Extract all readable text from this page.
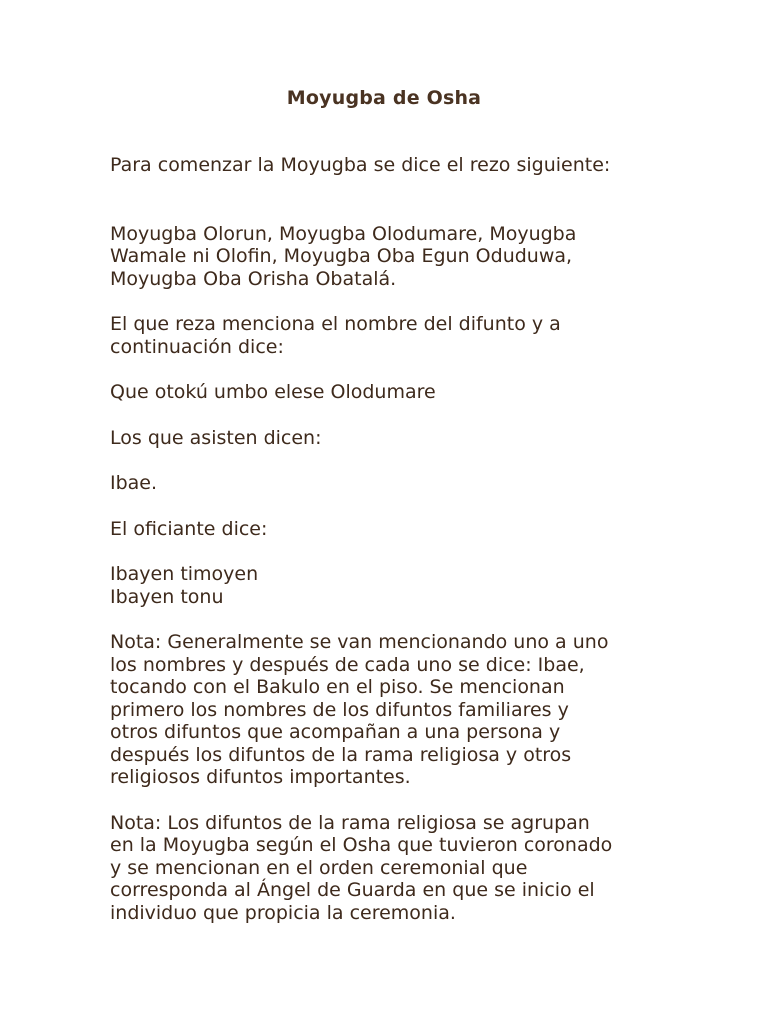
Moyugba de Osha

Para comenzar la Moyugba se dice el rezo siguiente:

Moyugba Olorun, Moyugba Olodumare, Moyugba
Wamale ni Olofin, Moyugba Oba Egun Oduduwa,
Moyugba Oba Orisha Obatalá.

El que reza menciona el nombre del difunto y a
continuación dice:

Que otokú umbo elese Olodumare

Los que asisten dicen:

Ibae.

El oficiante dice:

Ibayen timoyen
Ibayen tonu

Nota: Generalmente se van mencionando uno a uno
los nombres y después de cada uno se dice: Ibae,
tocando con el Bakulo en el piso. Se mencionan
primero los nombres de los difuntos familiares y
otros difuntos que acompañan a una persona y
después los difuntos de la rama religiosa y otros
religiosos difuntos importantes.

Nota: Los difuntos de la rama religiosa se agrupan
en la Moyugba según el Osha que tuvieron coronado
y se mencionan en el orden ceremonial que
corresponda al Ángel de Guarda en que se inicio el
individuo que propicia la ceremonia.
